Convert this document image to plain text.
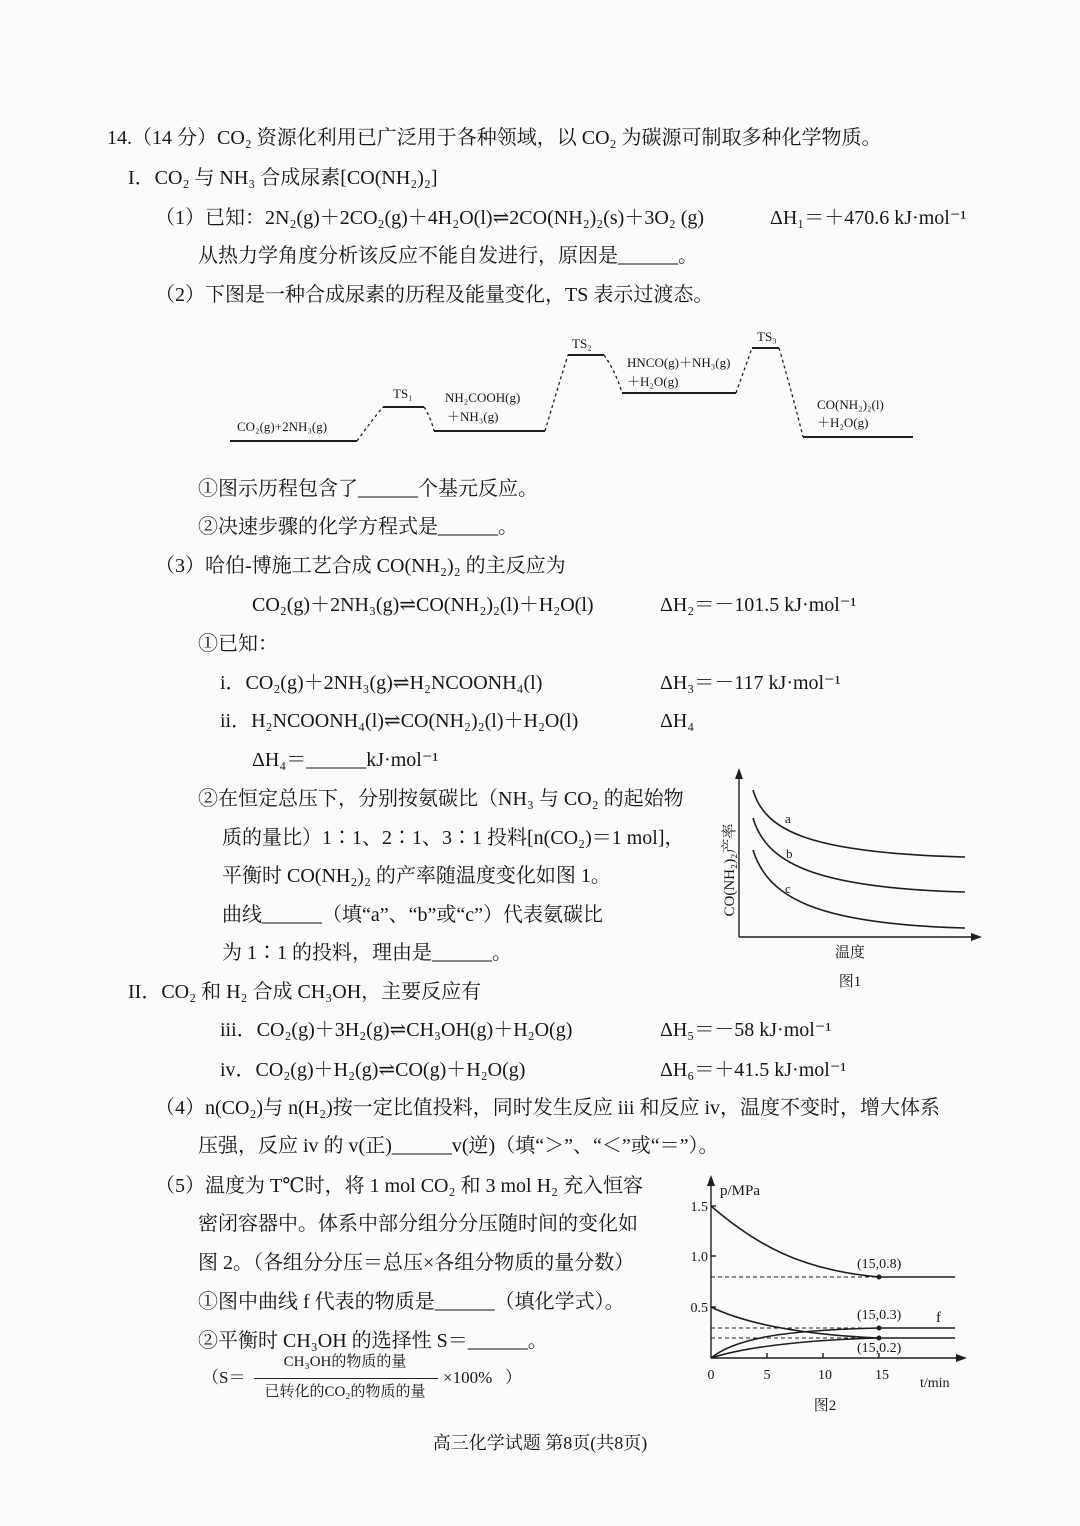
14.（14 分）CO₂ 资源化利用已广泛用于各种领域，以 CO₂ 为碳源可制取多种化学物质。
I．CO₂ 与 NH₃ 合成尿素[CO(NH₂)₂]
（1）已知：2N₂(g)＋2CO₂(g)＋4H₂O(l)⇌2CO(NH₂)₂(s)＋3O₂ (g)	ΔH₁＝＋470.6 kJ·mol⁻¹
从热力学角度分析该反应不能自发进行，原因是______。
（2）下图是一种合成尿素的历程及能量变化，TS 表示过渡态。
CO₂(g)+2NH₃(g)
TS₁ NH₂COOH(g)
＋NH₃(g)
TS₂
HNCO(g)＋NH₃(g)
＋H₂O(g)
TS₃
CO(NH₂)₂(l)
＋H₂O(g)
①图示历程包含了______个基元反应。
②决速步骤的化学方程式是______。
（3）哈伯-博施工艺合成 CO(NH₂)₂ 的主反应为
CO₂(g)＋2NH₃(g)⇌CO(NH₂)₂(l)＋H₂O(l)	ΔH₂＝－101.5 kJ·mol⁻¹
①已知：
i．CO₂(g)＋2NH₃(g)⇌H₂NCOONH₄(l)	ΔH₃＝－117 kJ·mol⁻¹
ii．H₂NCOONH₄(l)⇌CO(NH₂)₂(l)＋H₂O(l)	ΔH₄
ΔH₄＝______kJ·mol⁻¹
②在恒定总压下，分别按氨碳比（NH₃ 与 CO₂ 的起始物
质的量比）1∶1、2∶1、3∶1 投料[n(CO₂)＝1 mol]，
平衡时 CO(NH₂)₂ 的产率随温度变化如图 1。
曲线______（填“a”、“b”或“c”）代表氨碳比
为 1∶1 的投料，理由是______。
a
b
c
CO(NH₂)₂产率
温度
图1
II．CO₂ 和 H₂ 合成 CH₃OH，主要反应有
iii．CO₂(g)＋3H₂(g)⇌CH₃OH(g)＋H₂O(g)	ΔH₅＝－58 kJ·mol⁻¹
iv．CO₂(g)＋H₂(g)⇌CO(g)＋H₂O(g)	ΔH₆＝＋41.5 kJ·mol⁻¹
（4）n(CO₂)与 n(H₂)按一定比值投料，同时发生反应 iii 和反应 iv，温度不变时，增大体系
压强，反应 iv 的 v(正)______v(逆)（填“＞”、“＜”或“＝”）。
（5）温度为 T℃时，将 1 mol CO₂ 和 3 mol H₂ 充入恒容
密闭容器中。体系中部分组分分压随时间的变化如
图 2。（各组分分压＝总压×各组分物质的量分数）
①图中曲线 f 代表的物质是______（填化学式）。
②平衡时 CH₃OH 的选择性 S＝______。
（S＝
CH₃OH的物质的量
已转化的CO₂的物质的量
×100% ）
p/MPa
1.5
1.0
0.5
0	5	10	15
t/min
(15,0.8)
(15,0.3)
(15,0.2)
f
图2
高三化学试题 第8页(共8页)
